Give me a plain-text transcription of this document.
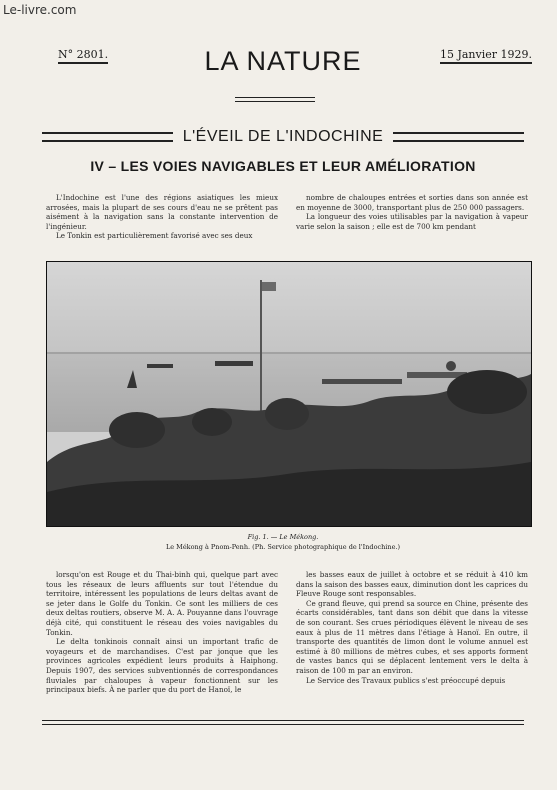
Le-livre.com
N° 2801.	LA NATURE	15 Janvier 1929.
L'ÉVEIL DE L'INDOCHINE
IV – LES VOIES NAVIGABLES ET LEUR AMÉLIORATION

L'Indochine est l'une des régions asiatiques les mieux arrosées, mais la plupart de ses cours d'eau ne se prêtent pas aisément à la navigation sans la constante intervention de l'ingénieur.

Le Tonkin est particulièrement favorisé avec ses deux

nombre de chaloupes entrées et sorties dans son année est en moyenne de 3000, transportant plus de 250 000 passagers.

La longueur des voies utilisables par la navigation à vapeur varie selon la saison ; elle est de 700 km pendant

Fig. 1. — Le Mékong.
Le Mékong à Pnom-Penh. (Ph. Service photographique de l'Indochine.)

lorsqu'on est Rouge et du Thai-binh qui, quelque part avec tous les réseaux de leurs affluents sur tout l'étendue du territoire, intéressent les populations de leurs deltas avant de se jeter dans le Golfe du Tonkin. Ce sont les milliers de ces deux deltas routiers, observe M. A. A. Pouyanne dans l'ouvrage déjà cité, qui constituent le réseau des voies navigables du Tonkin.

Le delta tonkinois connaît ainsi un important trafic de voyageurs et de marchandises. C'est par jonque que les provinces agricoles expédient leurs produits à Haiphong. Depuis 1907, des services subventionnés de correspondances fluviales par chaloupes à vapeur fonctionnent sur les principaux biefs. À ne parler que du port de Hanoï, le

les basses eaux de juillet à octobre et se réduit à 410 km dans la saison des basses eaux, diminution dont les caprices du Fleuve Rouge sont responsables.

Ce grand fleuve, qui prend sa source en Chine, présente des écarts considérables, tant dans son débit que dans la vitesse de son courant. Ses crues périodiques élèvent le niveau de ses eaux à plus de 11 mètres dans l'étiage à Hanoï. En outre, il transporte des quantités de limon dont le volume annuel est estimé à 80 millions de mètres cubes, et ses apports forment de vastes bancs qui se déplacent lentement vers le delta à raison de 100 m par an environ.

Le Service des Travaux publics s'est préoccupé depuis
